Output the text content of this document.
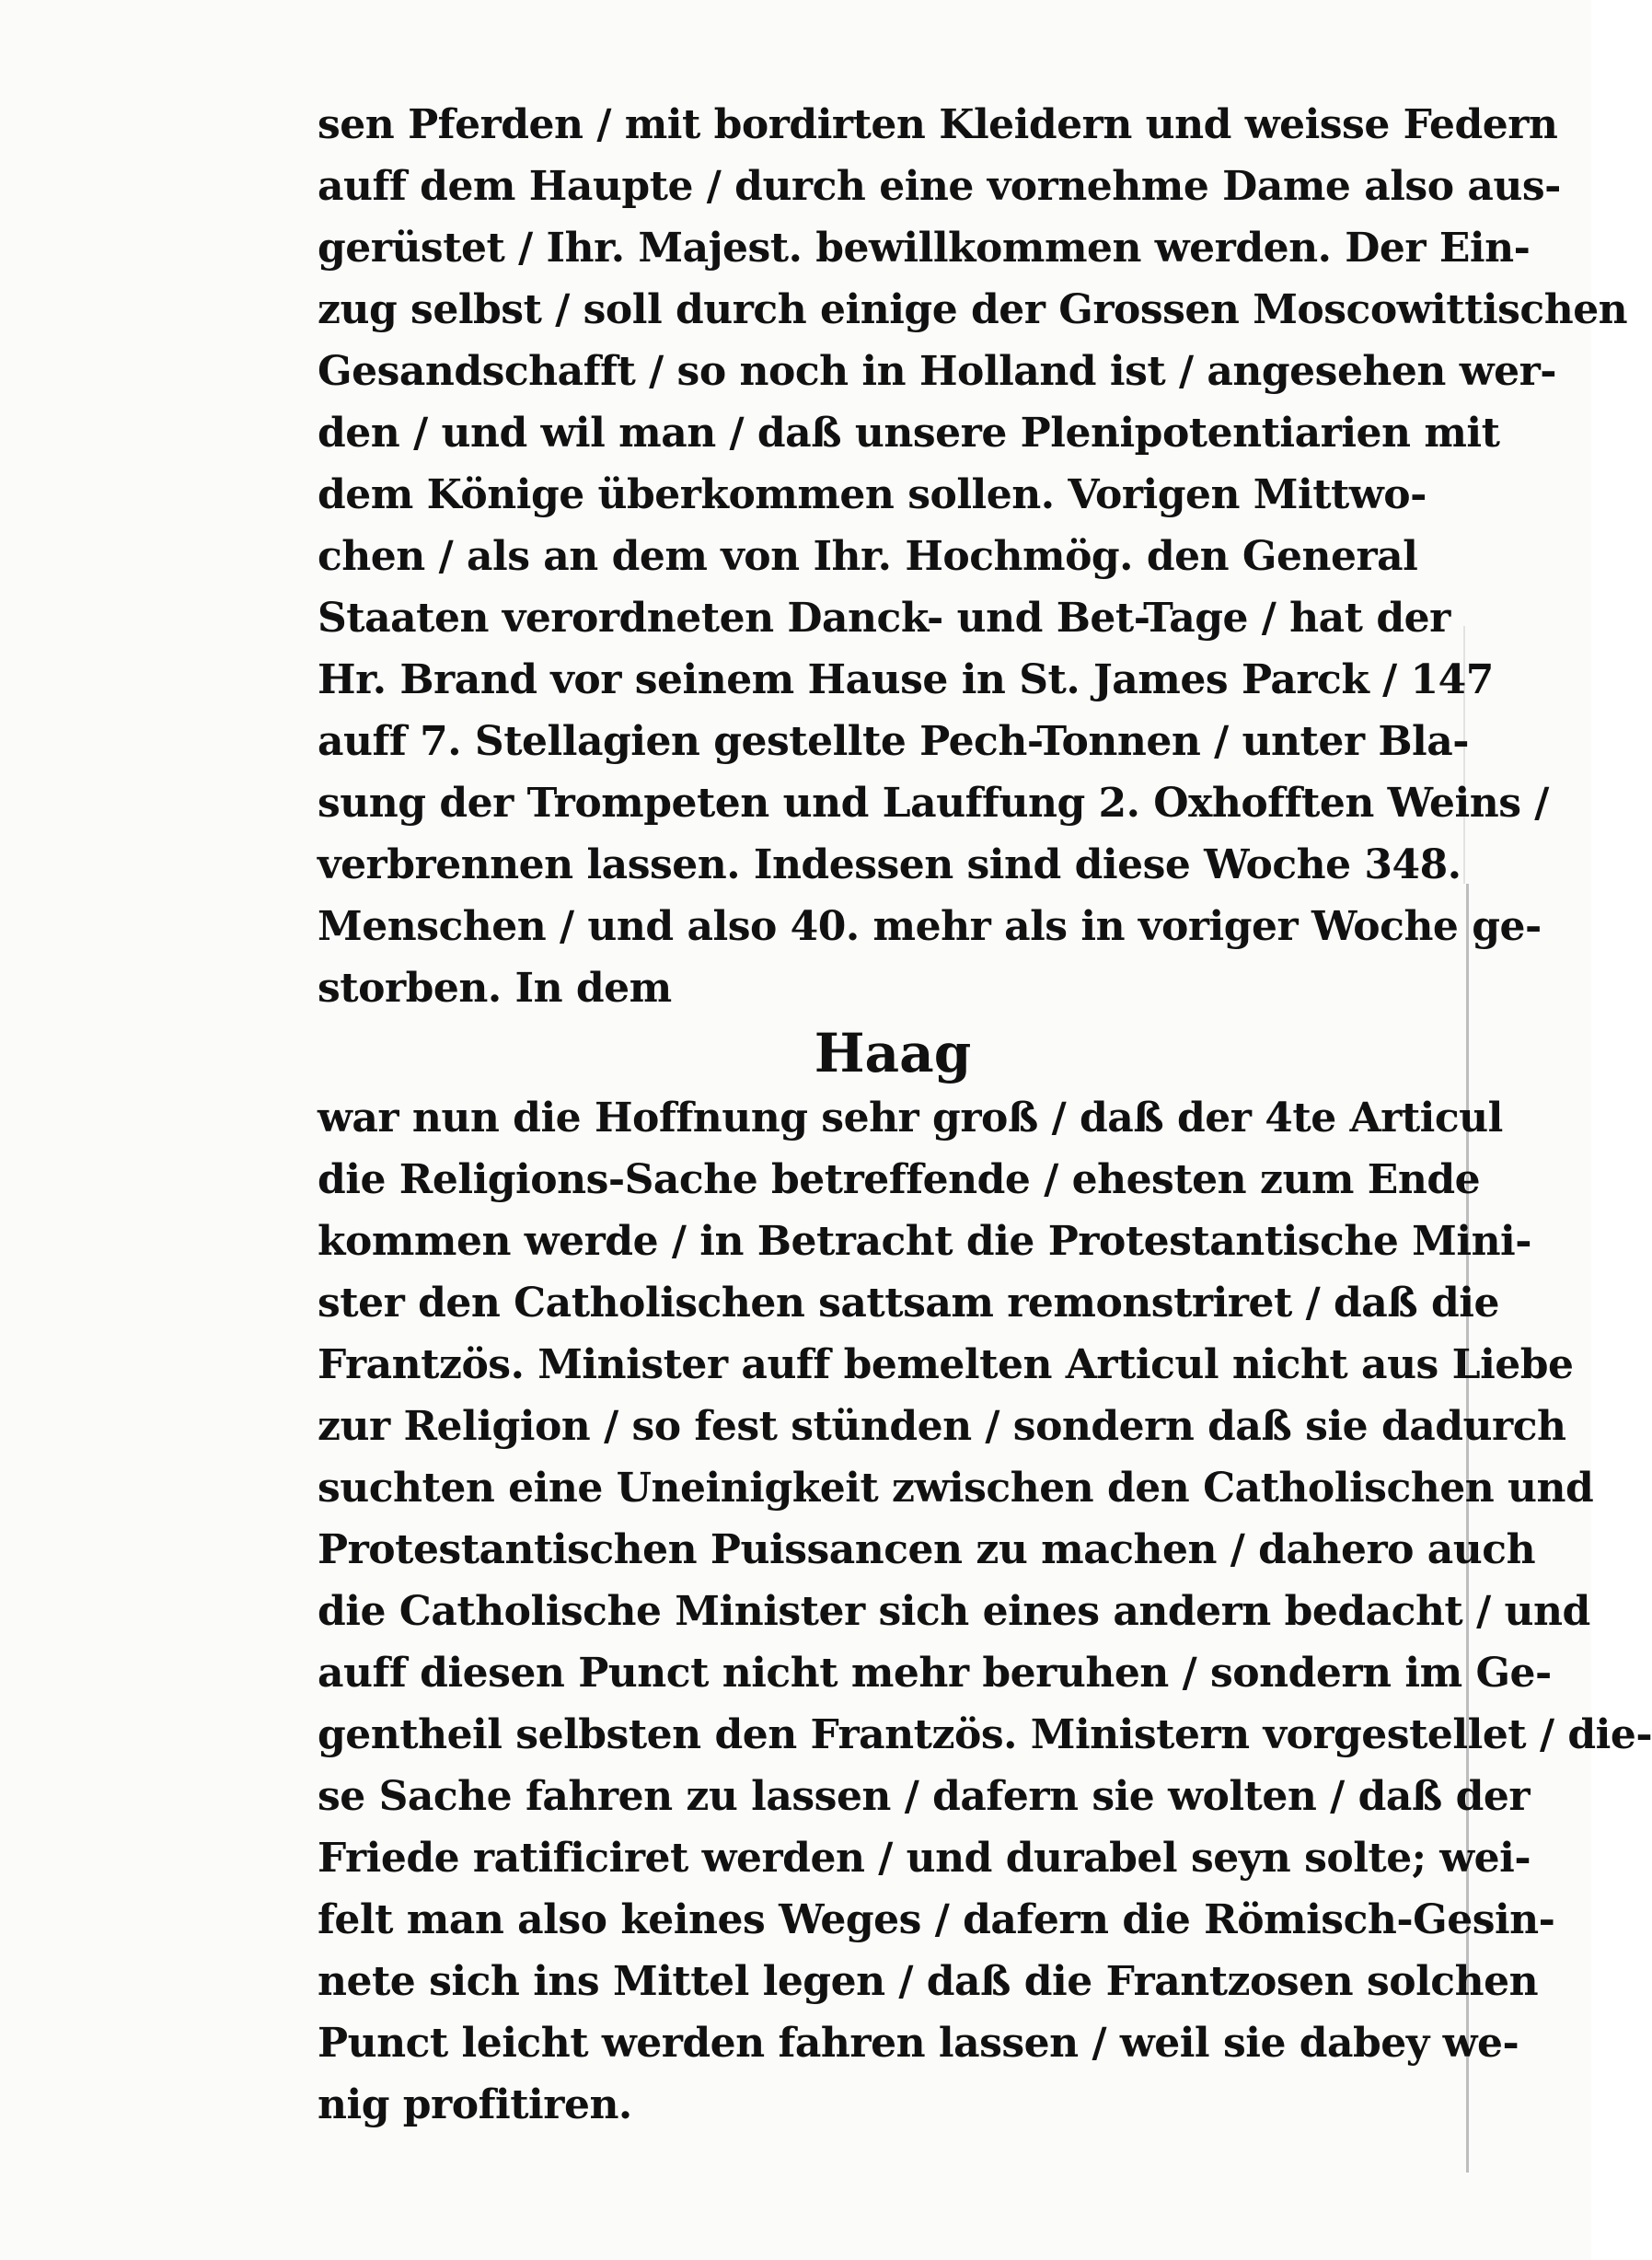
sen Pferden / mit bordirten Kleidern und weisse Federn
auff dem Haupte / durch eine vornehme Dame also aus-
gerüstet / Ihr. Majest. bewillkommen werden. Der Ein-
zug selbst / soll durch einige der Grossen Moscowittischen
Gesandschafft / so noch in Holland ist / angesehen wer-
den / und wil man / daß unsere Plenipotentiarien mit
dem Könige überkommen sollen. Vorigen Mittwo-
chen / als an dem von Ihr. Hochmög. den General
Staaten verordneten Danck- und Bet-Tage / hat der
Hr. Brand vor seinem Hause in St. James Parck / 147
auff 7. Stellagien gestellte Pech-Tonnen / unter Bla-
sung der Trompeten und Lauffung 2. Oxhofften Weins /
verbrennen lassen. Indessen sind diese Woche 348.
Menschen / und also 40. mehr als in voriger Woche ge-
storben. In dem
Haag
war nun die Hoffnung sehr groß / daß der 4te Articul
die Religions-Sache betreffende / ehesten zum Ende
kommen werde / in Betracht die Protestantische Mini-
ster den Catholischen sattsam remonstriret / daß die
Frantzös. Minister auff bemelten Articul nicht aus Liebe
zur Religion / so fest stünden / sondern daß sie dadurch
suchten eine Uneinigkeit zwischen den Catholischen und
Protestantischen Puissancen zu machen / dahero auch
die Catholische Minister sich eines andern bedacht / und
auff diesen Punct nicht mehr beruhen / sondern im Ge-
gentheil selbsten den Frantzös. Ministern vorgestellet / die-
se Sache fahren zu lassen / dafern sie wolten / daß der
Friede ratificiret werden / und durabel seyn solte; wei-
felt man also keines Weges / dafern die Römisch-Gesin-
nete sich ins Mittel legen / daß die Frantzosen solchen
Punct leicht werden fahren lassen / weil sie dabey we-
nig profitiren.
